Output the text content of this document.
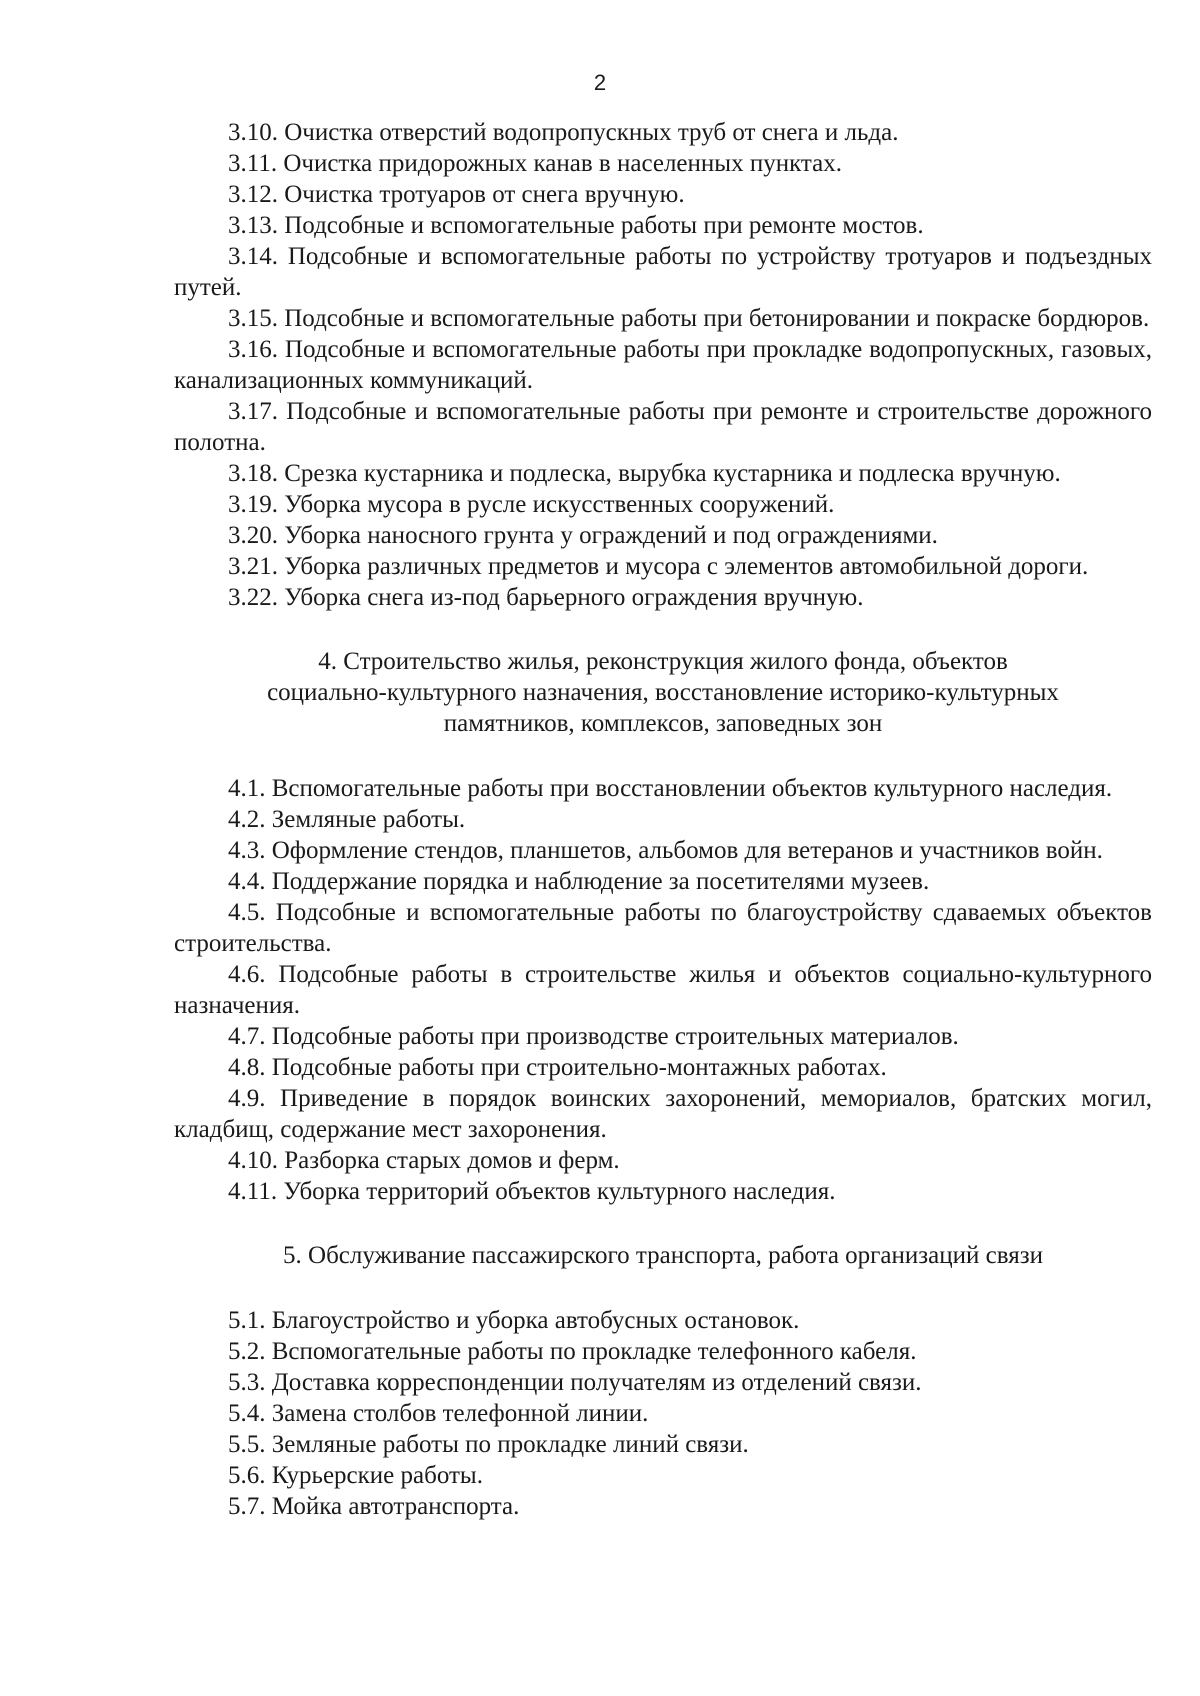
2

3.10. Очистка отверстий водопропускных труб от снега и льда.

3.11. Очистка придорожных канав в населенных пунктах.

3.12. Очистка тротуаров от снега вручную.

3.13. Подсобные и вспомогательные работы при ремонте мостов.

3.14. Подсобные и вспомогательные работы по устройству тротуаров и подъездных путей.

3.15. Подсобные и вспомогательные работы при бетонировании и покраске бордюров.

3.16. Подсобные и вспомогательные работы при прокладке водопропускных, газовых, канализационных коммуникаций.

3.17. Подсобные и вспомогательные работы при ремонте и строительстве дорожного полотна.

3.18. Срезка кустарника и подлеска, вырубка кустарника и подлеска вручную.

3.19. Уборка мусора в русле искусственных сооружений.

3.20. Уборка наносного грунта у ограждений и под ограждениями.

3.21. Уборка различных предметов и мусора с элементов автомобильной дороги.

3.22. Уборка снега из-под барьерного ограждения вручную.

4. Строительство жилья, реконструкция жилого фонда, объектов
социально-культурного назначения, восстановление историко-культурных
памятников, комплексов, заповедных зон

4.1. Вспомогательные работы при восстановлении объектов культурного наследия.

4.2. Земляные работы.

4.3. Оформление стендов, планшетов, альбомов для ветеранов и участников войн.

4.4. Поддержание порядка и наблюдение за посетителями музеев.

4.5. Подсобные и вспомогательные работы по благоустройству сдаваемых объектов строительства.

4.6. Подсобные работы в строительстве жилья и объектов социально-культурного назначения.

4.7. Подсобные работы при производстве строительных материалов.

4.8. Подсобные работы при строительно-монтажных работах.

4.9. Приведение в порядок воинских захоронений, мемориалов, братских могил, кладбищ, содержание мест захоронения.

4.10. Разборка старых домов и ферм.

4.11. Уборка территорий объектов культурного наследия.

5. Обслуживание пассажирского транспорта, работа организаций связи

5.1. Благоустройство и уборка автобусных остановок.

5.2. Вспомогательные работы по прокладке телефонного кабеля.

5.3. Доставка корреспонденции получателям из отделений связи.

5.4. Замена столбов телефонной линии.

5.5. Земляные работы по прокладке линий связи.

5.6. Курьерские работы.

5.7. Мойка автотранспорта.
